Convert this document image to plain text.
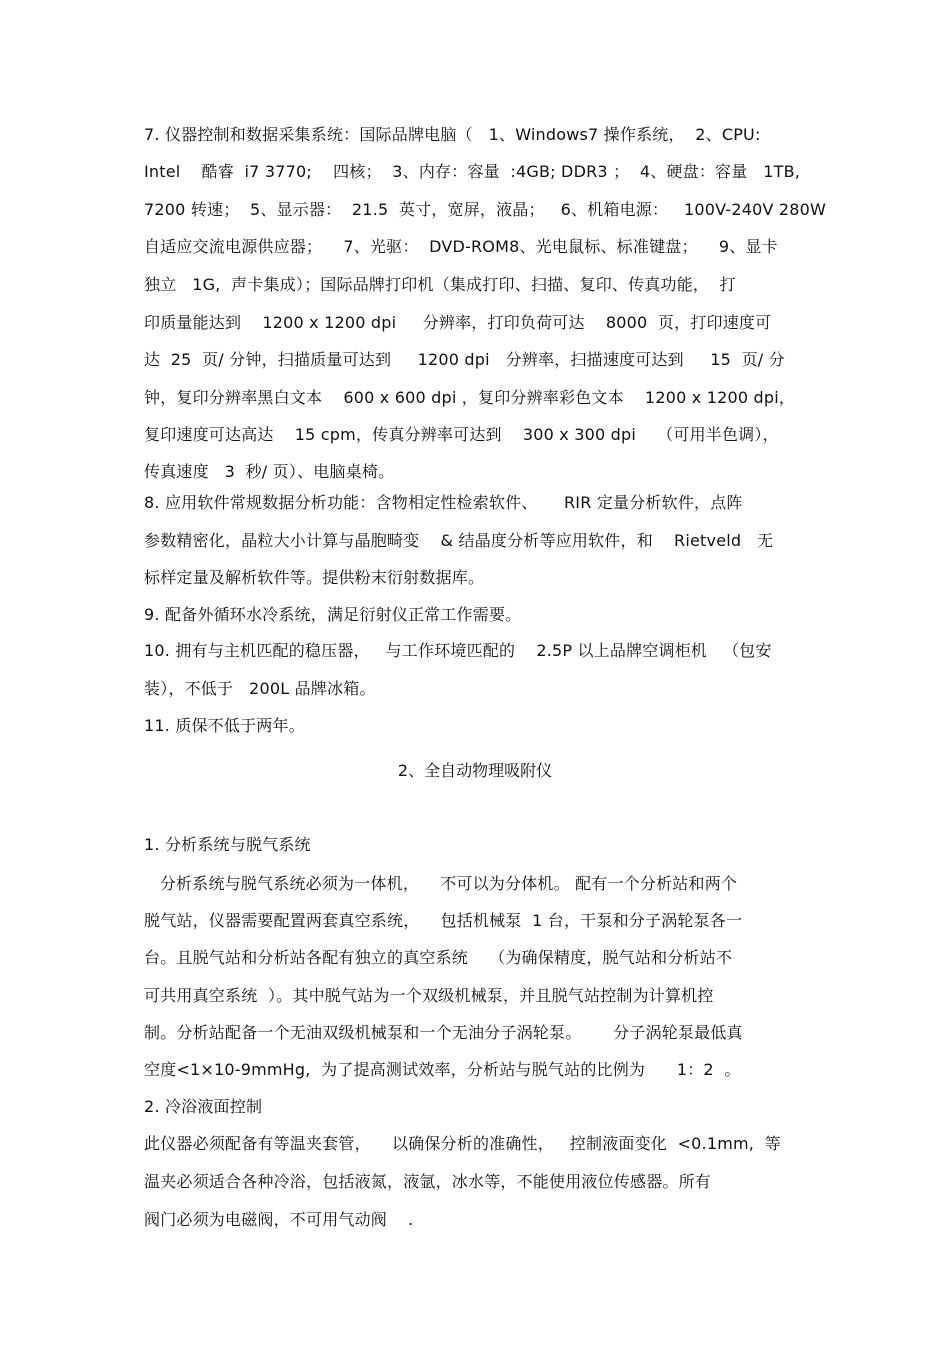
7. 仪器控制和数据采集系统：国际品牌电脑（   1、Windows7 操作系统，  2、CPU:
Intel    酷睿  i7 3770;    四核；  3、内存：容量  :4GB; DDR3 ；  4、硬盘：容量   1TB,
7200 转速；  5、显示器：  21.5  英寸，宽屏，液晶；   6、机箱电源：   100V-240V 280W
自适应交流电源供应器；    7、光驱：  DVD-ROM8、光电鼠标、标准键盘；    9、显卡
独立   1G,  声卡集成）；国际品牌打印机（集成打印、扫描、复印、传真功能，  打
印质量能达到    1200 x 1200 dpi     分辨率，打印负荷可达    8000  页，打印速度可
达  25  页/ 分钟，扫描质量可达到     1200 dpi   分辨率，扫描速度可达到     15  页/ 分
钟，复印分辨率黑白文本    600 x 600 dpi ，复印分辨率彩色文本    1200 x 1200 dpi，
复印速度可达高达    15 cpm，传真分辨率可达到    300 x 300 dpi    （可用半色调），
传真速度   3  秒/ 页）、电脑桌椅。
8. 应用软件常规数据分析功能：含物相定性检索软件、     RIR 定量分析软件，点阵
参数精密化，晶粒大小计算与晶胞畸变    & 结晶度分析等应用软件，和    Rietveld   无
标样定量及解析软件等。提供粉末衍射数据库。
9. 配备外循环水冷系统，满足衍射仪正常工作需要。
10. 拥有与主机匹配的稳压器，   与工作环境匹配的    2.5P 以上品牌空调柜机   （包安
装），不低于   200L 品牌冰箱。
11. 质保不低于两年。
2、全自动物理吸附仪
1. 分析系统与脱气系统
分析系统与脱气系统必须为一体机，    不可以为分体机。 配有一个分析站和两个
脱气站，仪器需要配置两套真空系统，    包括机械泵  1 台，干泵和分子涡轮泵各一
台。且脱气站和分析站各配有独立的真空系统    （为确保精度，脱气站和分析站不
可共用真空系统  ）。其中脱气站为一个双级机械泵，并且脱气站控制为计算机控
制。分析站配备一个无油双级机械泵和一个无油分子涡轮泵。      分子涡轮泵最低真
空度<1×10-9mmHg,  为了提高测试效率，分析站与脱气站的比例为      1：2  。
2. 冷浴液面控制
此仪器必须配备有等温夹套管，    以确保分析的准确性，   控制液面变化  <0.1mm,  等
温夹必须适合各种冷浴，包括液氮，液氩，冰水等，不能使用液位传感器。所有
阀门必须为电磁阀，不可用气动阀    .
